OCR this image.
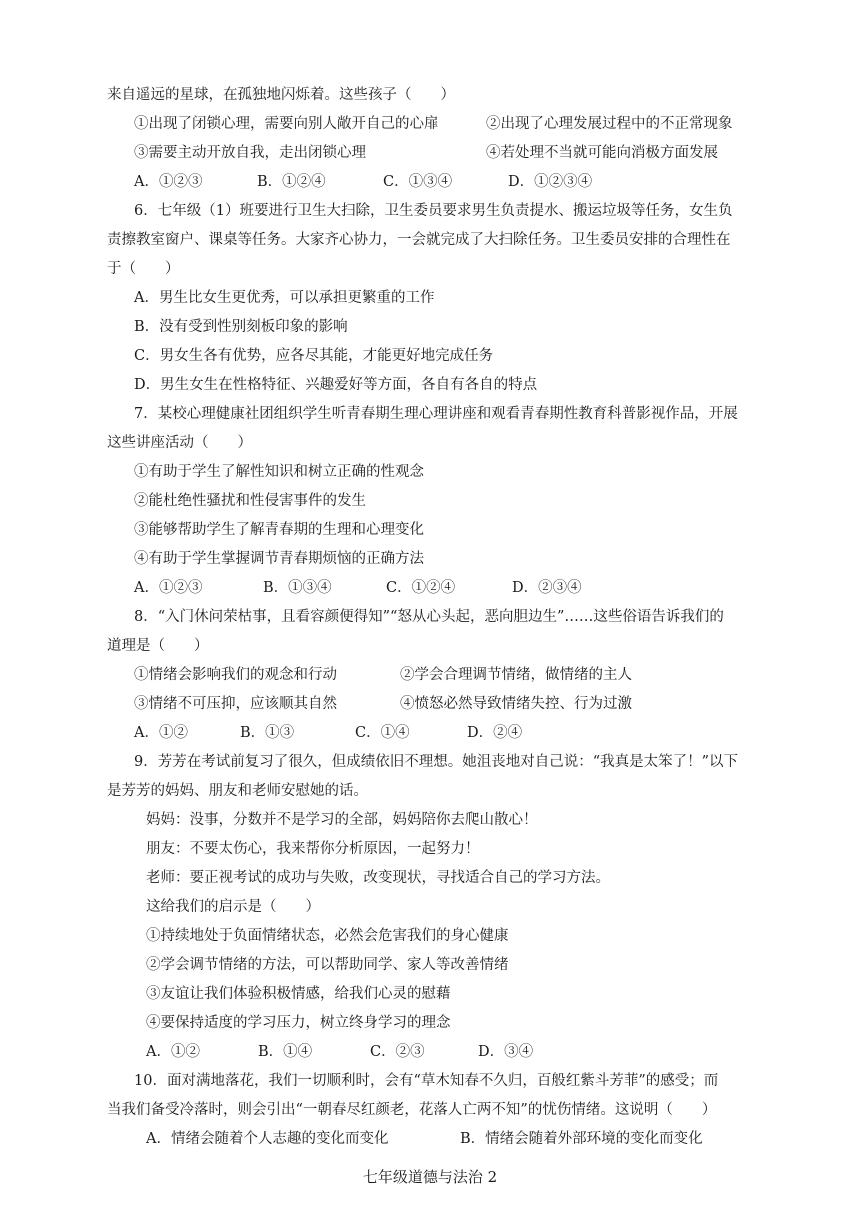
来自遥远的星球，在孤独地闪烁着。这些孩子（　　）
①出现了闭锁心理，需要向别人敞开自己的心扉	②出现了心理发展过程中的不正常现象
③需要主动开放自我，走出闭锁心理	④若处理不当就可能向消极方面发展
A．①②③	B．①②④	C．①③④	D．①②③④
6．七年级（1）班要进行卫生大扫除，卫生委员要求男生负责提水、搬运垃圾等任务，女生负
责擦教室窗户、课桌等任务。大家齐心协力，一会就完成了大扫除任务。卫生委员安排的合理性在
于（　　）
A．男生比女生更优秀，可以承担更繁重的工作
B．没有受到性别刻板印象的影响
C．男女生各有优势，应各尽其能，才能更好地完成任务
D．男生女生在性格特征、兴趣爱好等方面，各自有各自的特点
7．某校心理健康社团组织学生听青春期生理心理讲座和观看青春期性教育科普影视作品，开展
这些讲座活动（　　）
①有助于学生了解性知识和树立正确的性观念
②能杜绝性骚扰和性侵害事件的发生
③能够帮助学生了解青春期的生理和心理变化
④有助于学生掌握调节青春期烦恼的正确方法
A．①②③	B．①③④	C．①②④	D．②③④
8．“入门休问荣枯事，且看容颜便得知”“怒从心头起，恶向胆边生”……这些俗语告诉我们的
道理是（　　）
①情绪会影响我们的观念和行动	②学会合理调节情绪，做情绪的主人
③情绪不可压抑，应该顺其自然	④愤怒必然导致情绪失控、行为过激
A．①②	B．①③	C．①④	D．②④
9．芳芳在考试前复习了很久，但成绩依旧不理想。她沮丧地对自己说：“我真是太笨了！”以下
是芳芳的妈妈、朋友和老师安慰她的话。
妈妈：没事，分数并不是学习的全部，妈妈陪你去爬山散心！
朋友：不要太伤心，我来帮你分析原因，一起努力！
老师：要正视考试的成功与失败，改变现状，寻找适合自己的学习方法。
这给我们的启示是（　　）
①持续地处于负面情绪状态，必然会危害我们的身心健康
②学会调节情绪的方法，可以帮助同学、家人等改善情绪
③友谊让我们体验积极情感，给我们心灵的慰藉
④要保持适度的学习压力，树立终身学习的理念
A．①②	B．①④	C．②③	D．③④
10．面对满地落花，我们一切顺利时，会有“草木知春不久归，百般红紫斗芳菲”的感受；而
当我们备受冷落时，则会引出“一朝春尽红颜老，花落人亡两不知”的忧伤情绪。这说明（　　）
A．情绪会随着个人志趣的变化而变化	B．情绪会随着外部环境的变化而变化
七年级道德与法治 2
